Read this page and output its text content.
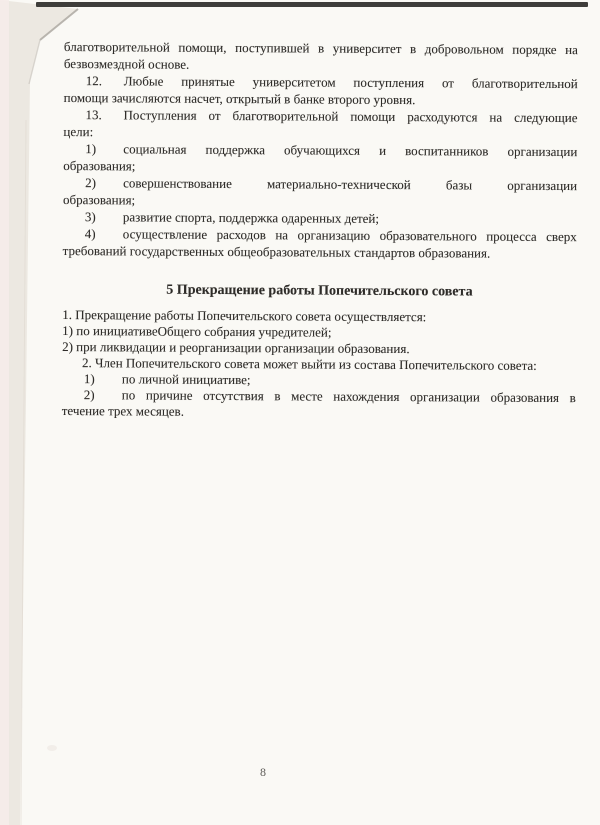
благотворительной помощи, поступившей в университет в добровольном порядке на
безвозмездной основе.
12. Любые принятые университетом поступления от благотворительной
помощи зачисляются насчет, открытый в банке второго уровня.
13. Поступления от благотворительной помощи расходуются на следующие
цели:
1) социальная поддержка обучающихся и воспитанников организации
образования;
2) совершенствование материально-технической базы организации
образования;
3) развитие спорта, поддержка одаренных детей;
4) осуществление расходов на организацию образовательного процесса сверх
требований государственных общеобразовательных стандартов образования.
5 Прекращение работы Попечительского совета
1. Прекращение работы Попечительского совета осуществляется:
1) по инициативеОбщего собрания учредителей;
2) при ликвидации и реорганизации организации образования.
2. Член Попечительского совета может выйти из состава Попечительского совета:
1) по личной инициативе;
2) по причине отсутствия в месте нахождения организации образования в
течение трех месяцев.
8
